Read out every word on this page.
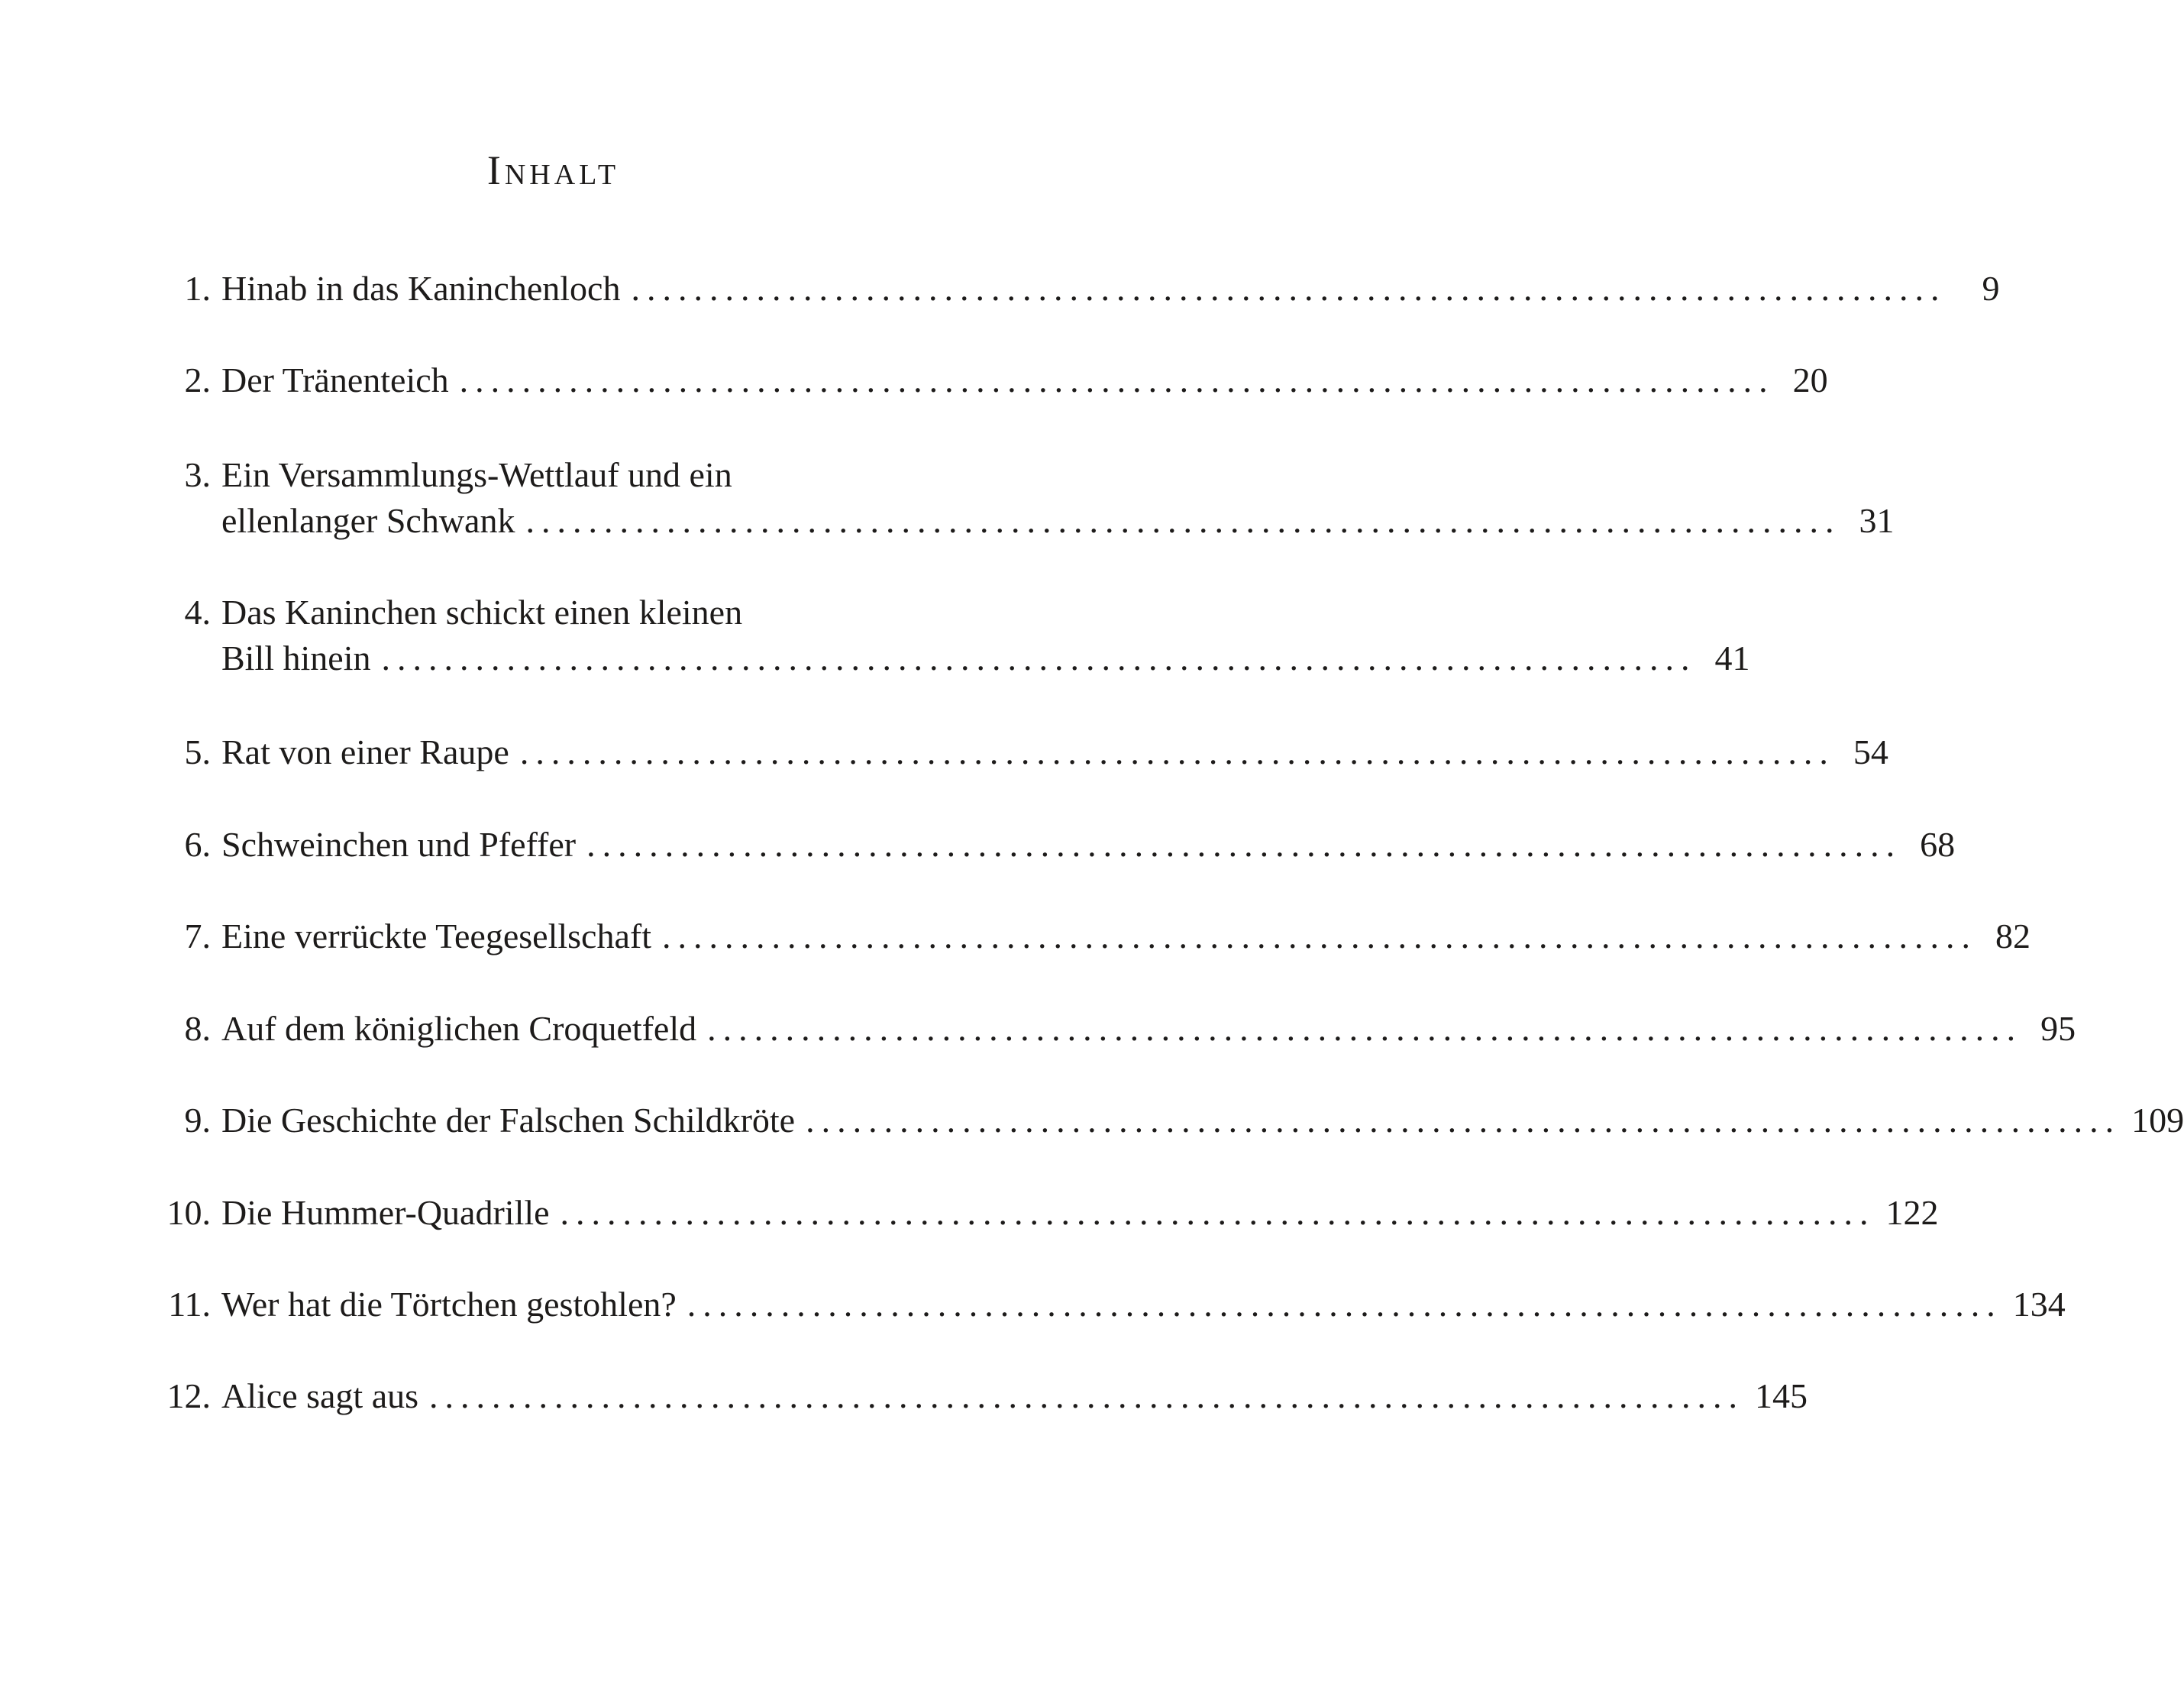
Inhalt
1. Hinab in das Kaninchenloch ....................................................................................	9
2. Der Tränenteich .................................................................................... 20
3. Ein Versammlungs-Wettlauf und ein
ellenlanger Schwank .................................................................................... 31
4. Das Kaninchen schickt einen kleinen
Bill hinein .................................................................................... 41
5. Rat von einer Raupe .................................................................................... 54
6. Schweinchen und Pfeffer .................................................................................... 68
7. Eine verrückte Teegesellschaft .................................................................................... 82
8. Auf dem königlichen Croquetfeld .................................................................................... 95
9. Die Geschichte der Falschen Schildkröte .................................................................................... 109
10. Die Hummer-Quadrille .................................................................................... 122
11. Wer hat die Törtchen gestohlen? .................................................................................... 134
12. Alice sagt aus .................................................................................... 145
